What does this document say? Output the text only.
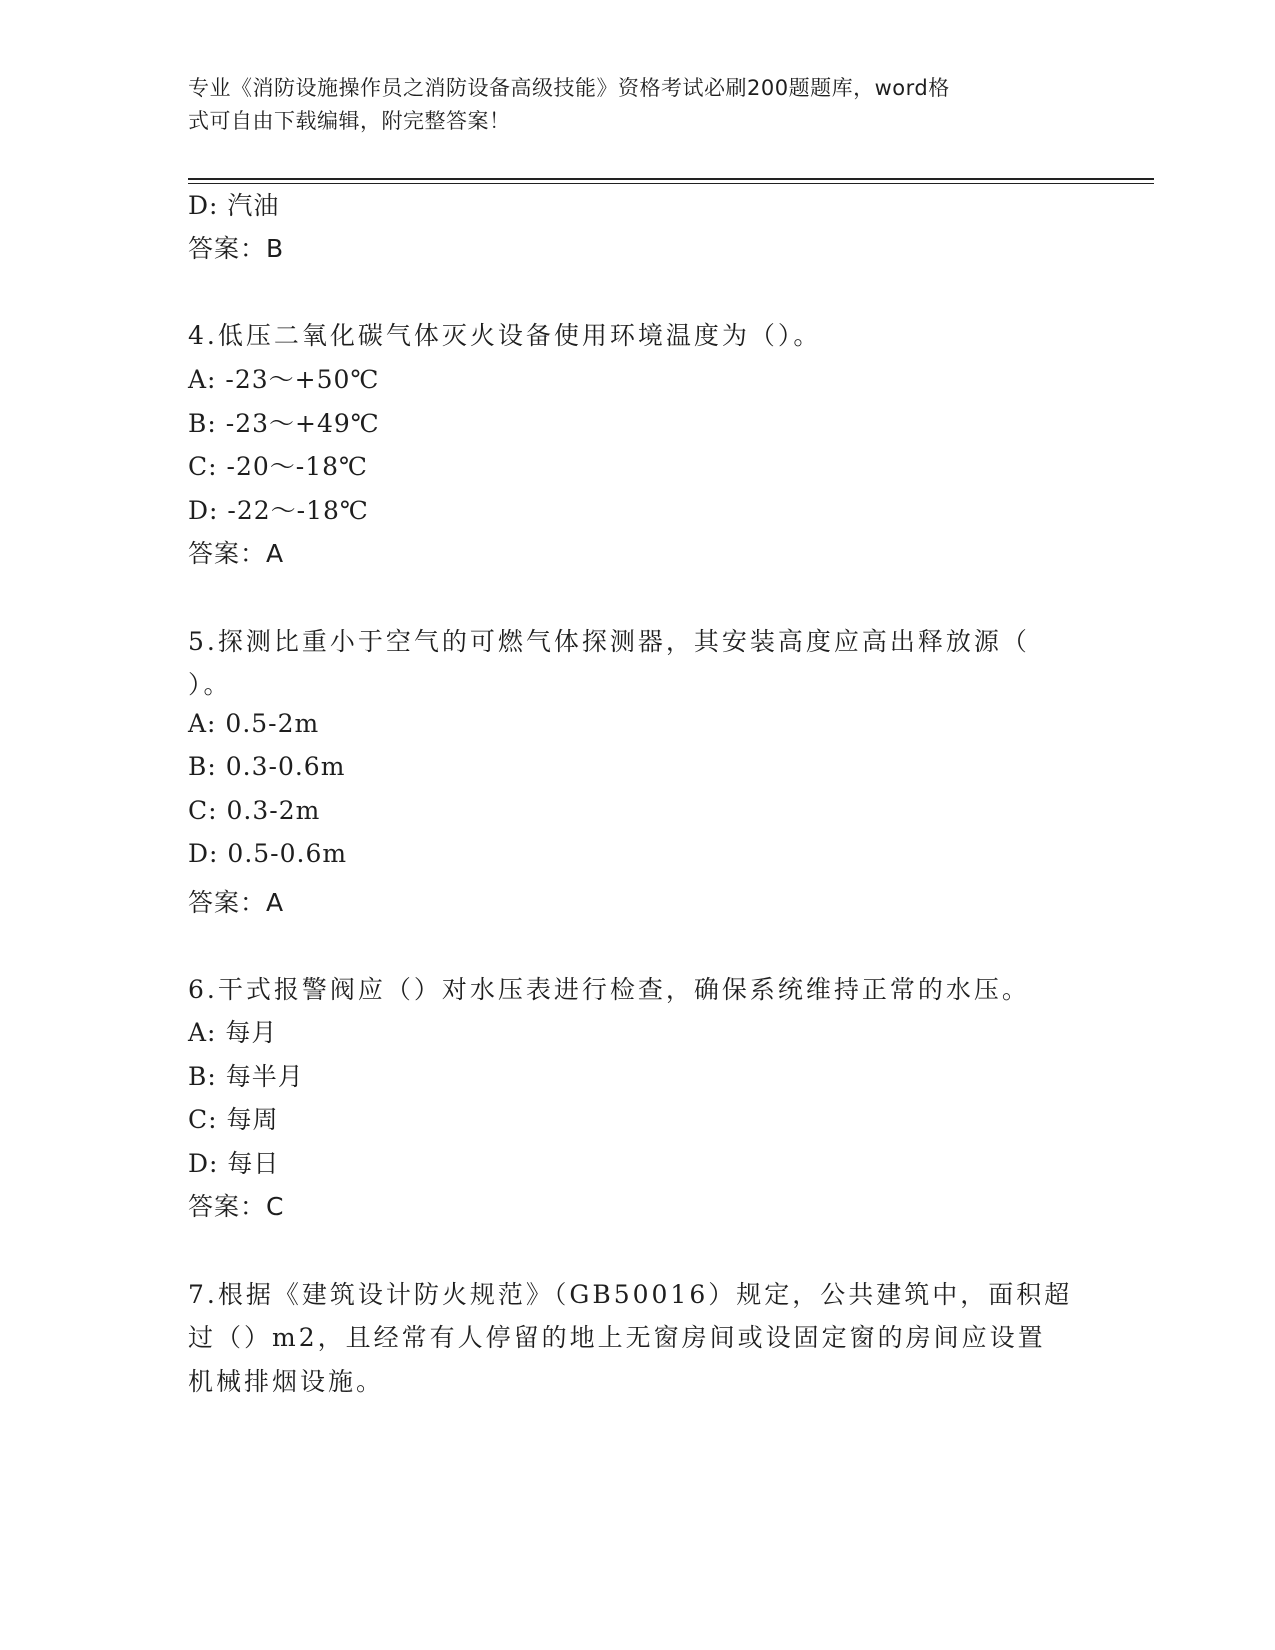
专业《消防设施操作员之消防设备高级技能》资格考试必刷200题题库，word格
式可自由下载编辑，附完整答案！
D: 汽油
答案：B
4.低压二氧化碳气体灭火设备使用环境温度为（）。
A: -23～+50℃
B: -23～+49℃
C: -20～-18℃
D: -22～-18℃
答案：A
5.探测比重小于空气的可燃气体探测器，其安装高度应高出释放源（
）。
A: 0.5-2m
B: 0.3-0.6m
C: 0.3-2m
D: 0.5-0.6m
答案：A
6.干式报警阀应（）对水压表进行检查，确保系统维持正常的水压。
A: 每月
B: 每半月
C: 每周
D: 每日
答案：C
7.根据《建筑设计防火规范》（GB50016）规定，公共建筑中，面积超
过（）m2，且经常有人停留的地上无窗房间或设固定窗的房间应设置
机械排烟设施。
